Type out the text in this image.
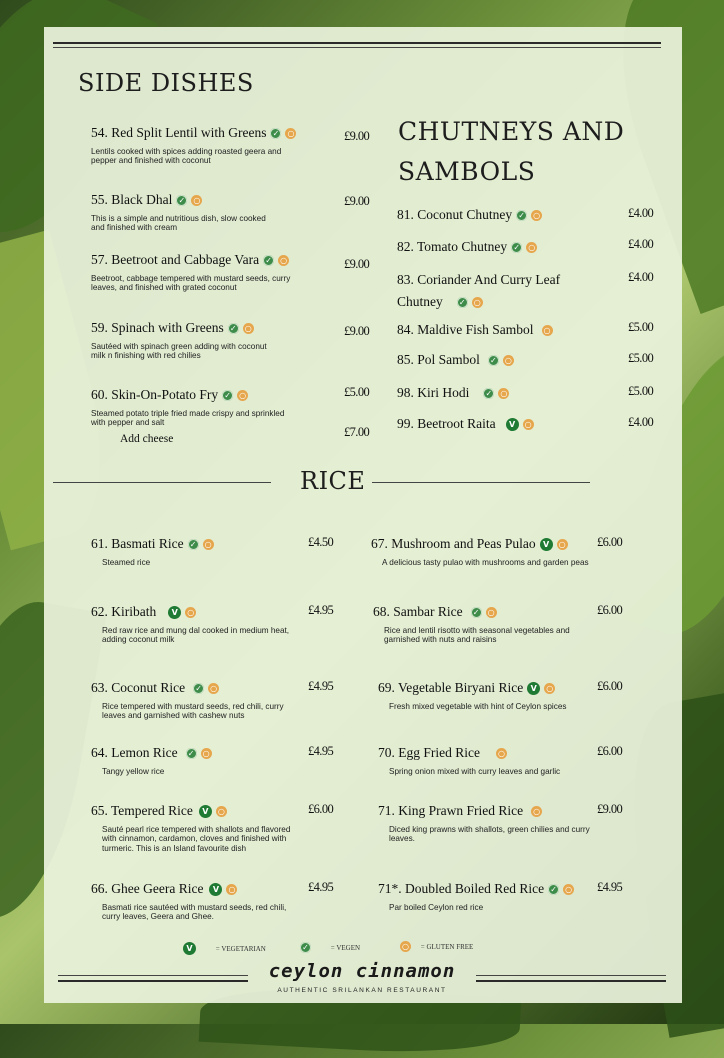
SIDE DISHES
54. Red Split Lentil with Greens ✓ ○
Lentils cooked with spices adding roasted geera and pepper and finished with coconut
£9.00
55. Black Dhal ✓ ○
This is a simple and nutritious dish, slow cooked and finished with cream
£9.00
57. Beetroot and Cabbage Vara ✓ ○
Beetroot, cabbage tempered with mustard seeds, curry leaves, and finished with grated coconut
£9.00
59. Spinach with Greens ✓ ○
Sautéed with spinach green adding with coconut milk n finishing with red chilies
£9.00
60. Skin-On-Potato Fry ✓ ○
Steamed potato triple fried made crispy and sprinkled with pepper and salt
£5.00
Add cheese	£7.00
CHUTNEYS AND
SAMBOLS
81. Coconut Chutney ✓ ○	£4.00
82. Tomato Chutney ✓ ○	£4.00
83. Coriander And Curry Leaf
Chutney ✓ ○
£4.00
84. Maldive Fish Sambol ○	£5.00
85. Pol Sambol ✓ ○	£5.00
98. Kiri Hodi ✓ ○	£5.00
99. Beetroot Raita	V	○	£4.00
RICE
61. Basmati Rice ✓ ○
Steamed rice
£4.50
62. Kiribath	V	○
Red raw rice and mung dal cooked in medium heat, adding coconut milk
£4.95
63. Coconut Rice ✓ ○
Rice tempered with mustard seeds, red chili, curry leaves and garnished with cashew nuts
£4.95
64. Lemon Rice ✓ ○
Tangy yellow rice
£4.95
65. Tempered Rice	V	○
Sauté pearl rice tempered with shallots and flavored with cinnamon, cardamon, cloves and finished with turmeric. This is an Island favourite dish
£6.00
66. Ghee Geera Rice	V	○
Basmati rice sautéed with mustard seeds, red chili, curry leaves, Geera and Ghee.
£4.95
67. Mushroom and Peas Pulao V	○
A delicious tasty pulao with mushrooms and garden peas
£6.00
68. Sambar Rice ✓ ○
Rice and lentil risotto with seasonal vegetables and garnished with nuts and raisins
£6.00
69. Vegetable Biryani Rice V	○
Fresh mixed vegetable with hint of Ceylon spices
£6.00
70. Egg Fried Rice ○
Spring onion mixed with curry leaves and garlic
£6.00
71. King Prawn Fried Rice ○
Diced king prawns with shallots, green chilies and curry leaves.
£9.00
71*. Doubled Boiled Red Rice ✓ ○
Par boiled Ceylon red rice
£4.95
V	= VEGETARIAN	✓	= VEGEN	○ = GLUTEN FREE
ceylon cinnamon
AUTHENTIC SRILANKAN RESTAURANT
